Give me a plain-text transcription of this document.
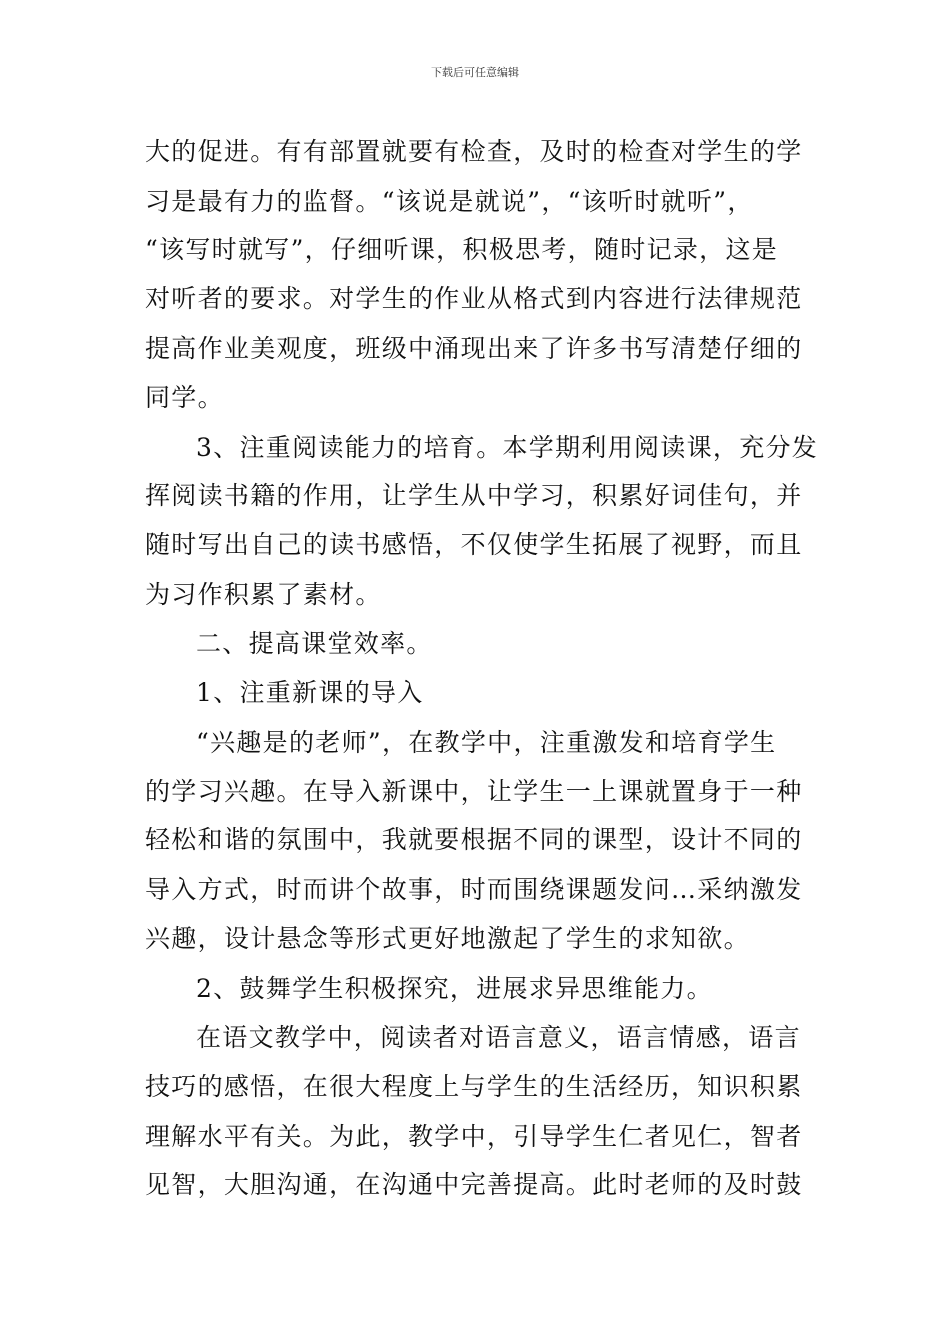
下载后可任意编辑
大的促进。有有部置就要有检查，及时的检查对学生的学
习是最有力的监督。“该说是就说”，“该听时就听”，
“该写时就写”，仔细听课，积极思考，随时记录，这是
对听者的要求。对学生的作业从格式到内容进行法律规范
提高作业美观度，班级中涌现出来了许多书写清楚仔细的
同学。
3、注重阅读能力的培育。本学期利用阅读课，充分发
挥阅读书籍的作用，让学生从中学习，积累好词佳句，并
随时写出自己的读书感悟，不仅使学生拓展了视野，而且
为习作积累了素材。
二、提高课堂效率。
1、注重新课的导入
“兴趣是的老师”，在教学中，注重激发和培育学生
的学习兴趣。在导入新课中，让学生一上课就置身于一种
轻松和谐的氛围中，我就要根据不同的课型，设计不同的
导入方式，时而讲个故事，时而围绕课题发问…采纳激发
兴趣，设计悬念等形式更好地激起了学生的求知欲。
2、鼓舞学生积极探究，进展求异思维能力。
在语文教学中，阅读者对语言意义，语言情感，语言
技巧的感悟，在很大程度上与学生的生活经历，知识积累
理解水平有关。为此，教学中，引导学生仁者见仁，智者
见智，大胆沟通，在沟通中完善提高。此时老师的及时鼓
